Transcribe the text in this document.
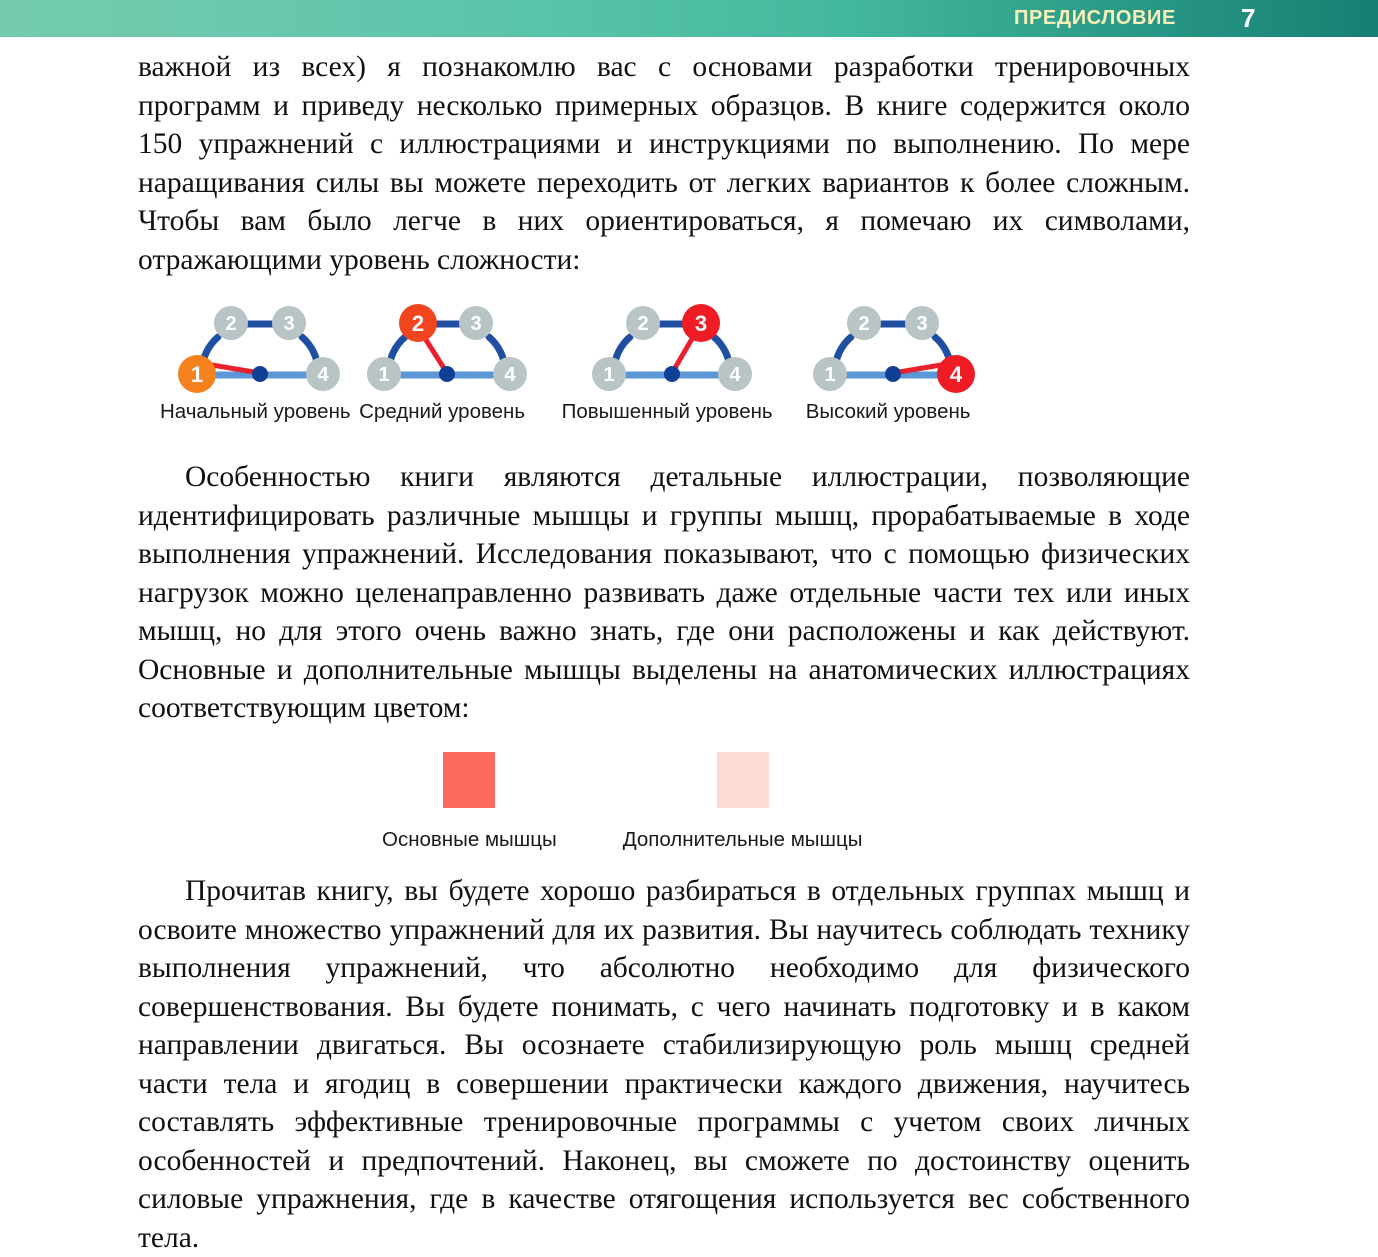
ПРЕДИСЛОВИЕ	7

важной из всех) я познакомлю вас с основами разработки тренировочных программ и приведу несколько примерных образцов. В книге содержится около 150 упражнений с иллюстрациями и инструкциями по выполнению. По мере наращивания силы вы можете переходить от легких вариантов к более сложным. Чтобы вам было легче в них ориентироваться, я помечаю их символами, отражающими уровень сложности:

2 3
4
1
Начальный уровень
1
3
4
2
Средний уровень
1
2
4
3
Повышенный уровень
1
2 3
4
Высокий уровень

Особенностью книги являются детальные иллюстрации, позволяющие идентифицировать различные мышцы и группы мышц, прорабатываемые в ходе выполнения упражнений. Исследования показывают, что с помощью физических нагрузок можно целенаправленно развивать даже отдельные части тех или иных мышц, но для этого очень важно знать, где они расположены и как действуют. Основные и дополнительные мышцы выделены на анатомических иллюстрациях соответствующим цветом:

Основные мышцы	Дополнительные мышцы

Прочитав книгу, вы будете хорошо разбираться в отдельных группах мышц и освоите множество упражнений для их развития. Вы научитесь соблюдать технику выполнения упражнений, что абсолютно необходимо для физического совершенствования. Вы будете понимать, с чего начинать подготовку и в каком направлении двигаться. Вы осознаете стабилизирующую роль мышц средней части тела и ягодиц в совершении практически каждого движения, научитесь составлять эффективные тренировочные программы с учетом своих личных особенностей и предпочтений. Наконец, вы сможете по достоинству оценить силовые упражнения, где в качестве отягощения используется вес собственного тела.
